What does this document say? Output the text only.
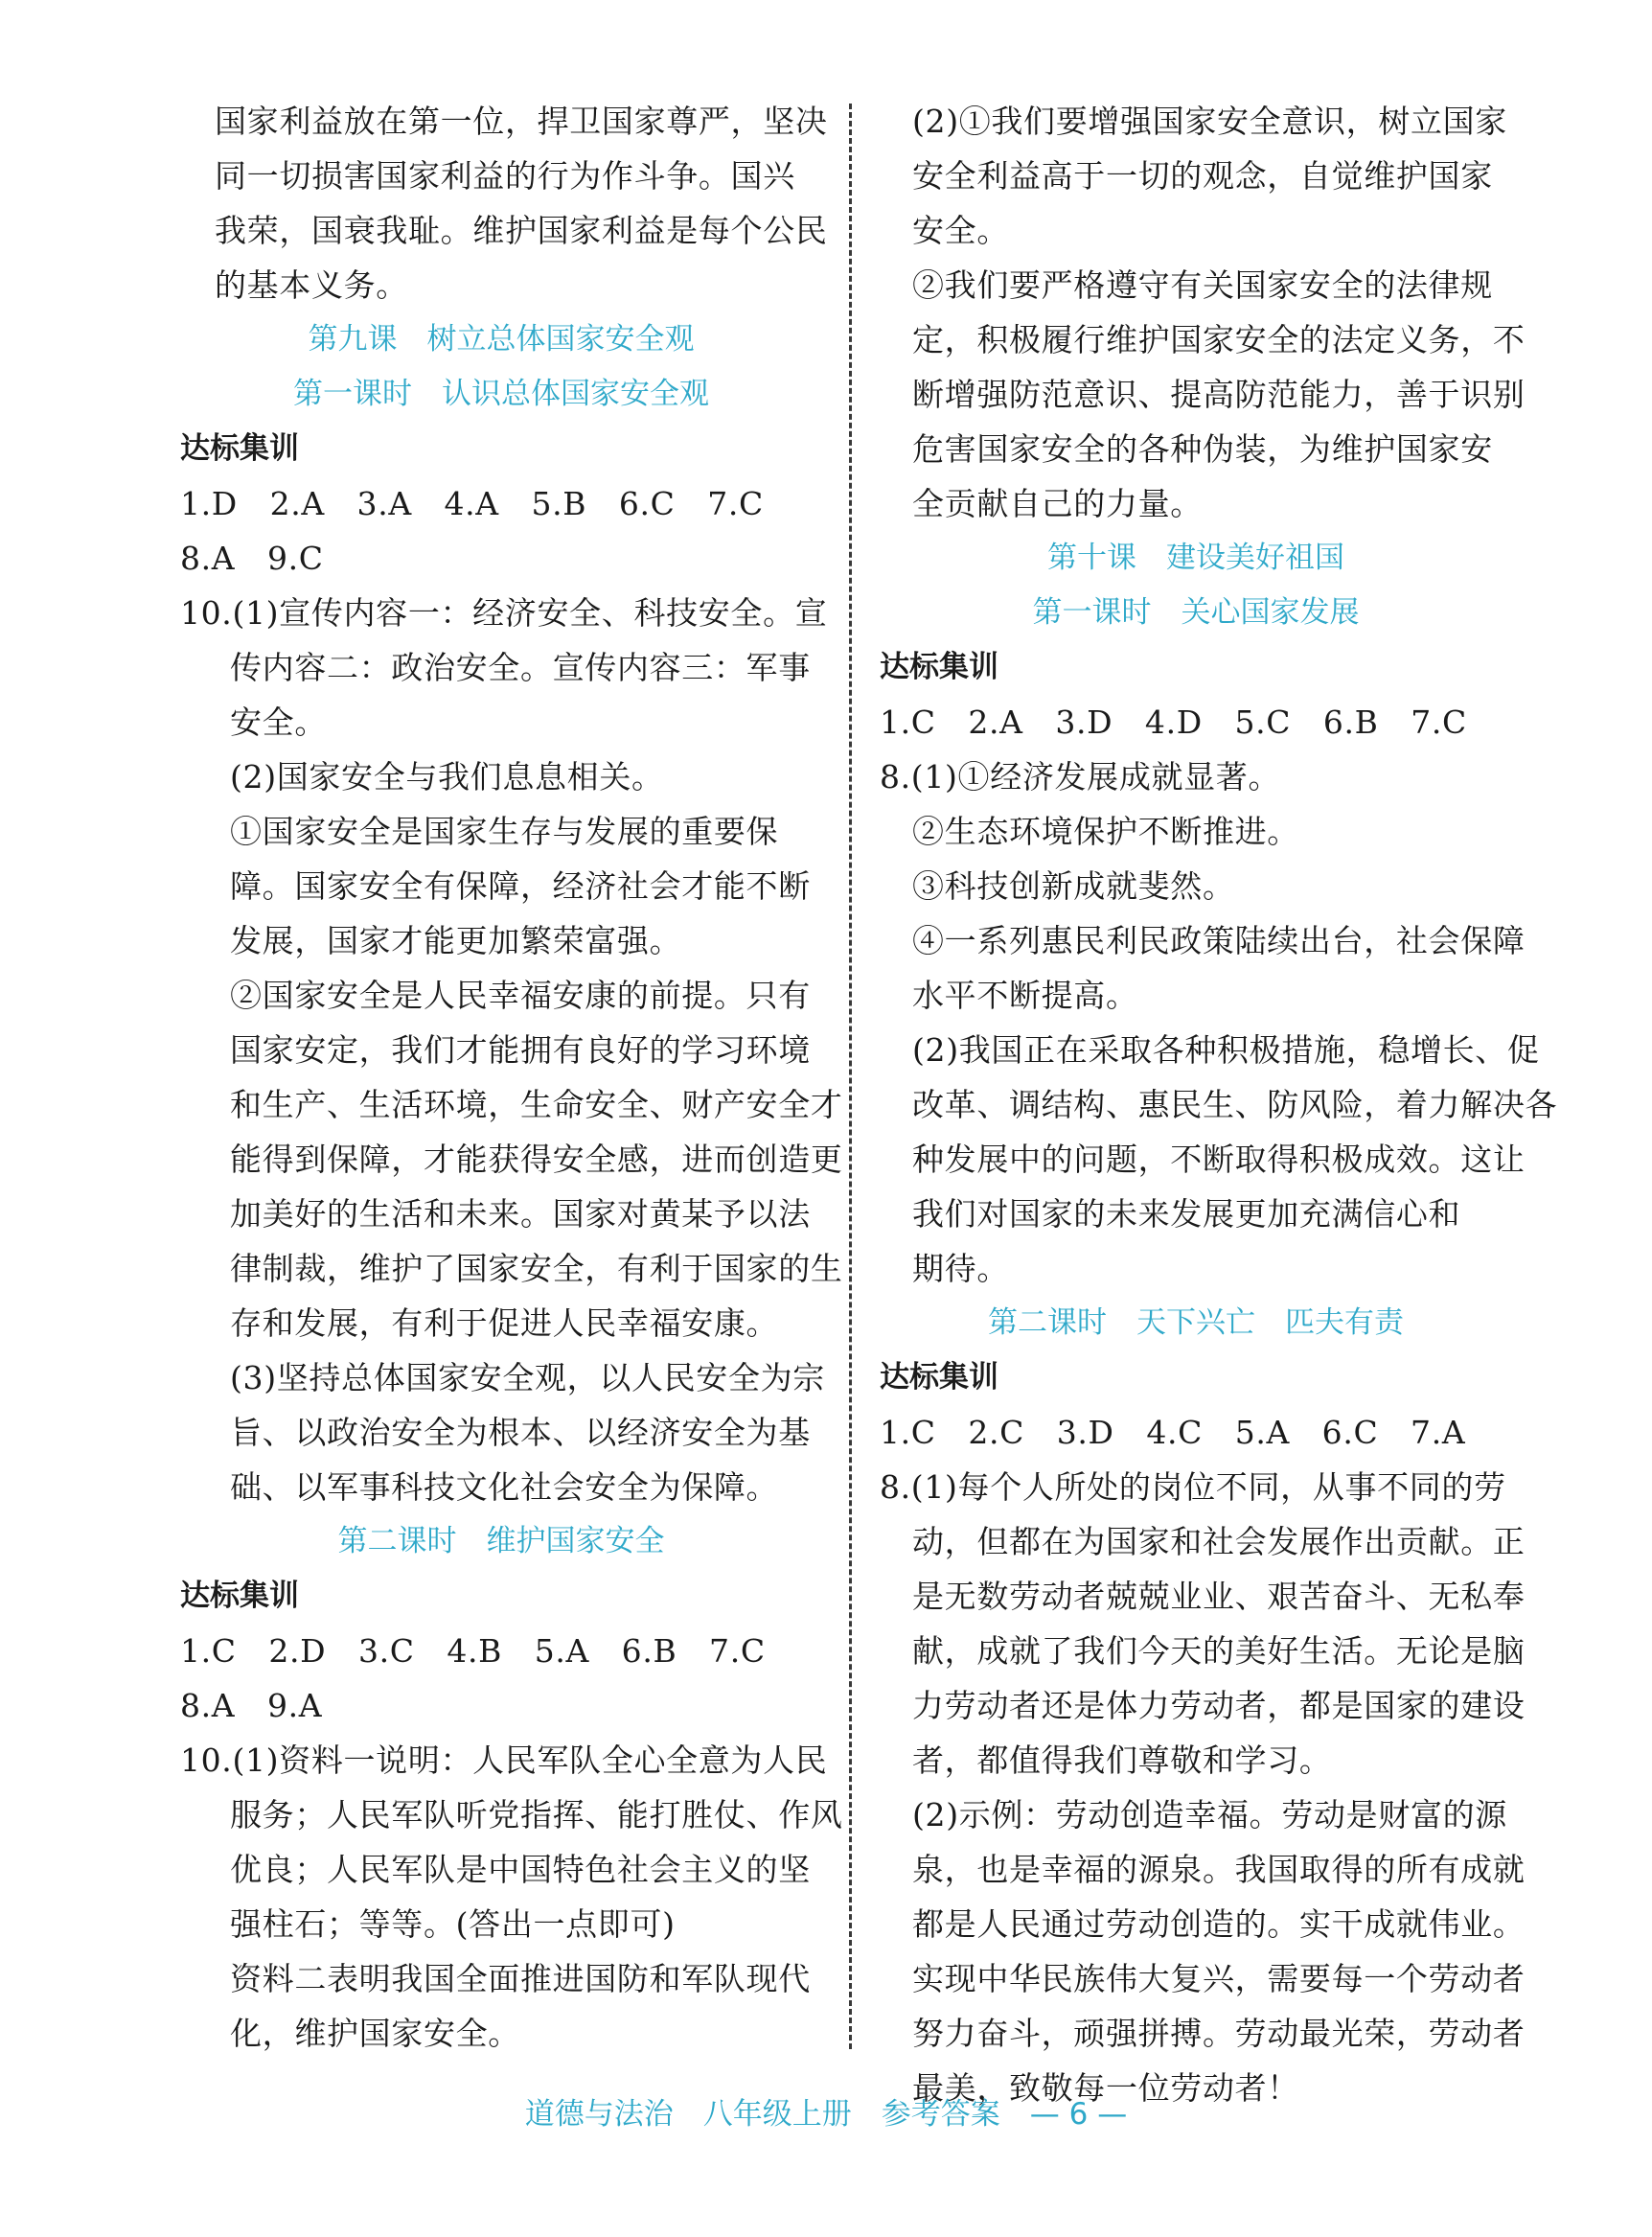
国家利益放在第一位，捍卫国家尊严，坚决
同一切损害国家利益的行为作斗争。国兴
我荣，国衰我耻。维护国家利益是每个公民
的基本义务。
第九课　树立总体国家安全观
第一课时　认识总体国家安全观
达标集训
1.D　2.A　3.A　4.A　5.B　6.C　7.C
8.A　9.C
10.(1)宣传内容一：经济安全、科技安全。宣
传内容二：政治安全。宣传内容三：军事
安全。
(2)国家安全与我们息息相关。
①国家安全是国家生存与发展的重要保
障。国家安全有保障，经济社会才能不断
发展，国家才能更加繁荣富强。
②国家安全是人民幸福安康的前提。只有
国家安定，我们才能拥有良好的学习环境
和生产、生活环境，生命安全、财产安全才
能得到保障，才能获得安全感，进而创造更
加美好的生活和未来。国家对黄某予以法
律制裁，维护了国家安全，有利于国家的生
存和发展，有利于促进人民幸福安康。
(3)坚持总体国家安全观，以人民安全为宗
旨、以政治安全为根本、以经济安全为基
础、以军事科技文化社会安全为保障。
第二课时　维护国家安全
达标集训
1.C　2.D　3.C　4.B　5.A　6.B　7.C
8.A　9.A
10.(1)资料一说明：人民军队全心全意为人民
服务；人民军队听党指挥、能打胜仗、作风
优良；人民军队是中国特色社会主义的坚
强柱石；等等。(答出一点即可)
资料二表明我国全面推进国防和军队现代
化，维护国家安全。
(2)①我们要增强国家安全意识，树立国家
安全利益高于一切的观念，自觉维护国家
安全。
②我们要严格遵守有关国家安全的法律规
定，积极履行维护国家安全的法定义务，不
断增强防范意识、提高防范能力，善于识别
危害国家安全的各种伪装，为维护国家安
全贡献自己的力量。
第十课　建设美好祖国
第一课时　关心国家发展
达标集训
1.C　2.A　3.D　4.D　5.C　6.B　7.C
8.(1)①经济发展成就显著。
②生态环境保护不断推进。
③科技创新成就斐然。
④一系列惠民利民政策陆续出台，社会保障
水平不断提高。
(2)我国正在采取各种积极措施，稳增长、促
改革、调结构、惠民生、防风险，着力解决各
种发展中的问题，不断取得积极成效。这让
我们对国家的未来发展更加充满信心和
期待。
第二课时　天下兴亡　匹夫有责
达标集训
1.C　2.C　3.D　4.C　5.A　6.C　7.A
8.(1)每个人所处的岗位不同，从事不同的劳
动，但都在为国家和社会发展作出贡献。正
是无数劳动者兢兢业业、艰苦奋斗、无私奉
献，成就了我们今天的美好生活。无论是脑
力劳动者还是体力劳动者，都是国家的建设
者，都值得我们尊敬和学习。
(2)示例：劳动创造幸福。劳动是财富的源
泉，也是幸福的源泉。我国取得的所有成就
都是人民通过劳动创造的。实干成就伟业。
实现中华民族伟大复兴，需要每一个劳动者
努力奋斗，顽强拼搏。劳动最光荣，劳动者
最美，致敬每一位劳动者！
道德与法治　八年级上册　参考答案　— 6 —
